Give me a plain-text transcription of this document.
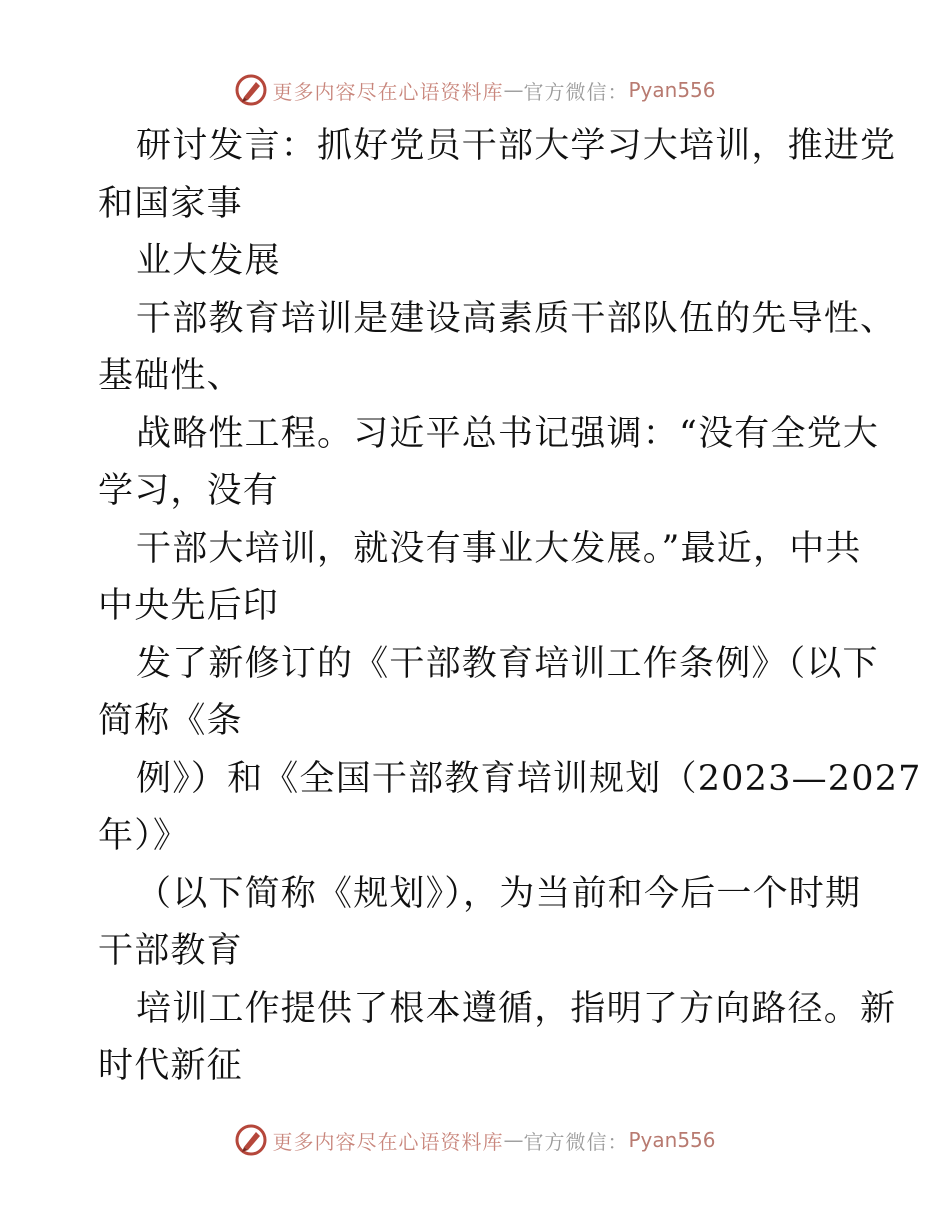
更多内容尽在心语资料库 — 官方微信： Pyan556
研讨发言：抓好党员干部大学习大培训，推进党
和国家事
业大发展
干部教育培训是建设高素质干部队伍的先导性、
基础性、
战略性工程。习近平总书记强调：“没有全党大
学习，没有
干部大培训，就没有事业大发展。”最近，中共
中央先后印
发了新修订的《干部教育培训工作条例》（以下
简称《条
例》）和《全国干部教育培训规划（2023—2027
年）》
（以下简称《规划》），为当前和今后一个时期
干部教育
培训工作提供了根本遵循，指明了方向路径。新
时代新征
更多内容尽在心语资料库 — 官方微信： Pyan556
